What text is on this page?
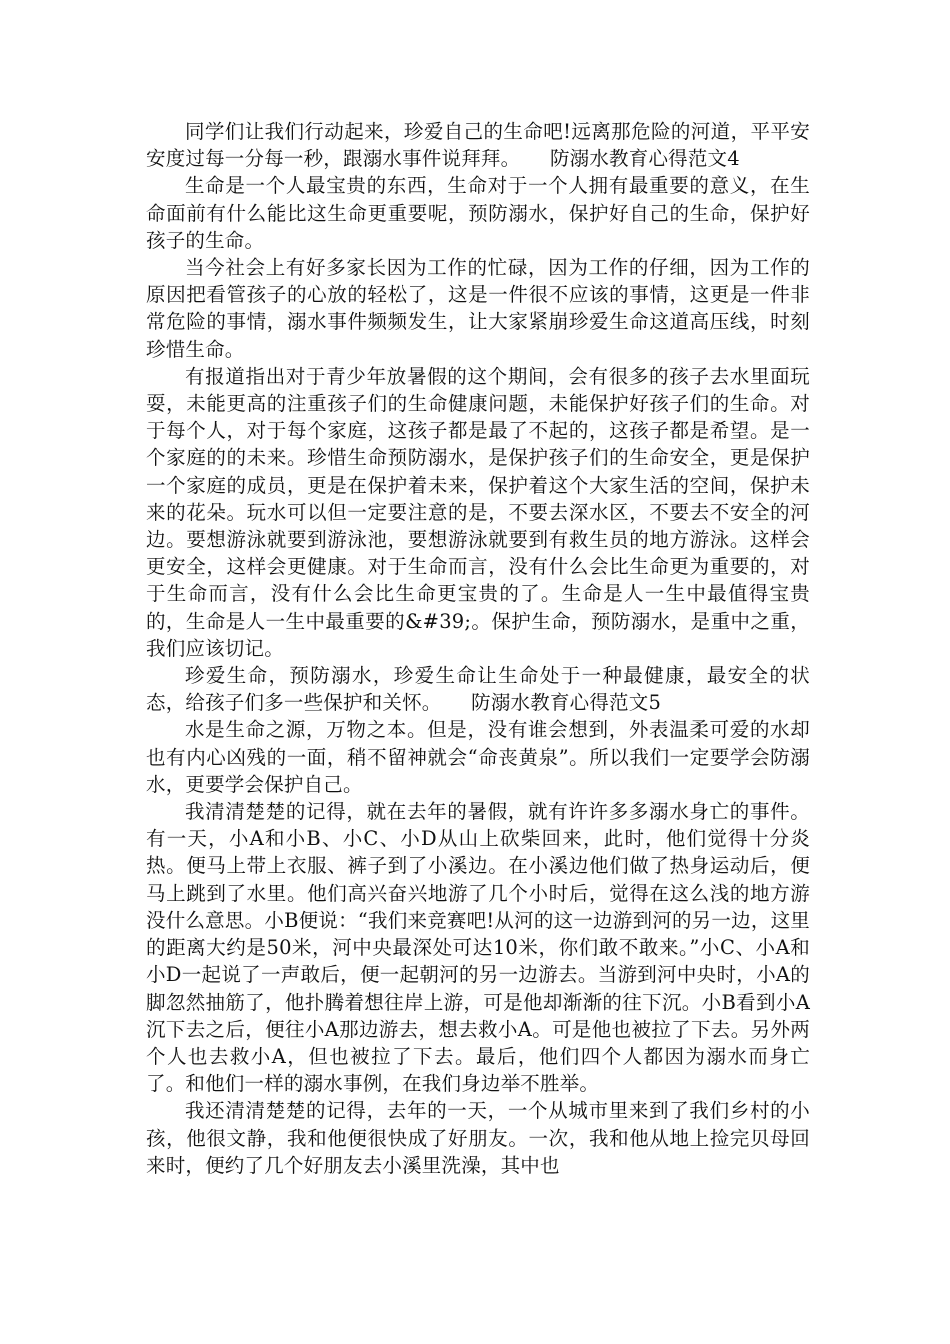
同学们让我们行动起来，珍爱自己的生命吧!远离那危险的河道，平平安安度过每一分每一秒，跟溺水事件说拜拜。　　防溺水教育心得范文4

生命是一个人最宝贵的东西，生命对于一个人拥有最重要的意义，在生命面前有什么能比这生命更重要呢，预防溺水，保护好自己的生命，保护好孩子的生命。

当今社会上有好多家长因为工作的忙碌，因为工作的仔细，因为工作的原因把看管孩子的心放的轻松了，这是一件很不应该的事情，这更是一件非常危险的事情，溺水事件频频发生，让大家紧崩珍爱生命这道高压线，时刻珍惜生命。

有报道指出对于青少年放暑假的这个期间，会有很多的孩子去水里面玩耍，未能更高的注重孩子们的生命健康问题，未能保护好孩子们的生命。对于每个人，对于每个家庭，这孩子都是最了不起的，这孩子都是希望。是一个家庭的的未来。珍惜生命预防溺水，是保护孩子们的生命安全，更是保护一个家庭的成员，更是在保护着未来，保护着这个大家生活的空间，保护未来的花朵。玩水可以但一定要注意的是，不要去深水区，不要去不安全的河边。要想游泳就要到游泳池，要想游泳就要到有救生员的地方游泳。这样会更安全，这样会更健康。对于生命而言，没有什么会比生命更为重要的，对于生命而言，没有什么会比生命更宝贵的了。生命是人一生中最值得宝贵的，生命是人一生中最重要的&#39;。保护生命，预防溺水，是重中之重，我们应该切记。

珍爱生命，预防溺水，珍爱生命让生命处于一种最健康，最安全的状态，给孩子们多一些保护和关怀。　　防溺水教育心得范文5

水是生命之源，万物之本。但是，没有谁会想到，外表温柔可爱的水却也有内心凶残的一面，稍不留神就会“命丧黄泉”。所以我们一定要学会防溺水，更要学会保护自己。

我清清楚楚的记得，就在去年的暑假，就有许许多多溺水身亡的事件。有一天，小A和小B、小C、小D从山上砍柴回来，此时，他们觉得十分炎热。便马上带上衣服、裤子到了小溪边。在小溪边他们做了热身运动后，便马上跳到了水里。他们高兴奋兴地游了几个小时后，觉得在这么浅的地方游没什么意思。小B便说：“我们来竞赛吧!从河的这一边游到河的另一边，这里的距离大约是50米，河中央最深处可达10米，你们敢不敢来。”小C、小A和小D一起说了一声敢后，便一起朝河的另一边游去。当游到河中央时，小A的脚忽然抽筋了，他扑腾着想往岸上游，可是他却渐渐的往下沉。小B看到小A沉下去之后，便往小A那边游去，想去救小A。可是他也被拉了下去。另外两个人也去救小A，但也被拉了下去。最后，他们四个人都因为溺水而身亡了。和他们一样的溺水事例，在我们身边举不胜举。

我还清清楚楚的记得，去年的一天，一个从城市里来到了我们乡村的小孩，他很文静，我和他便很快成了好朋友。一次，我和他从地上捡完贝母回来时，便约了几个好朋友去小溪里洗澡，其中也
